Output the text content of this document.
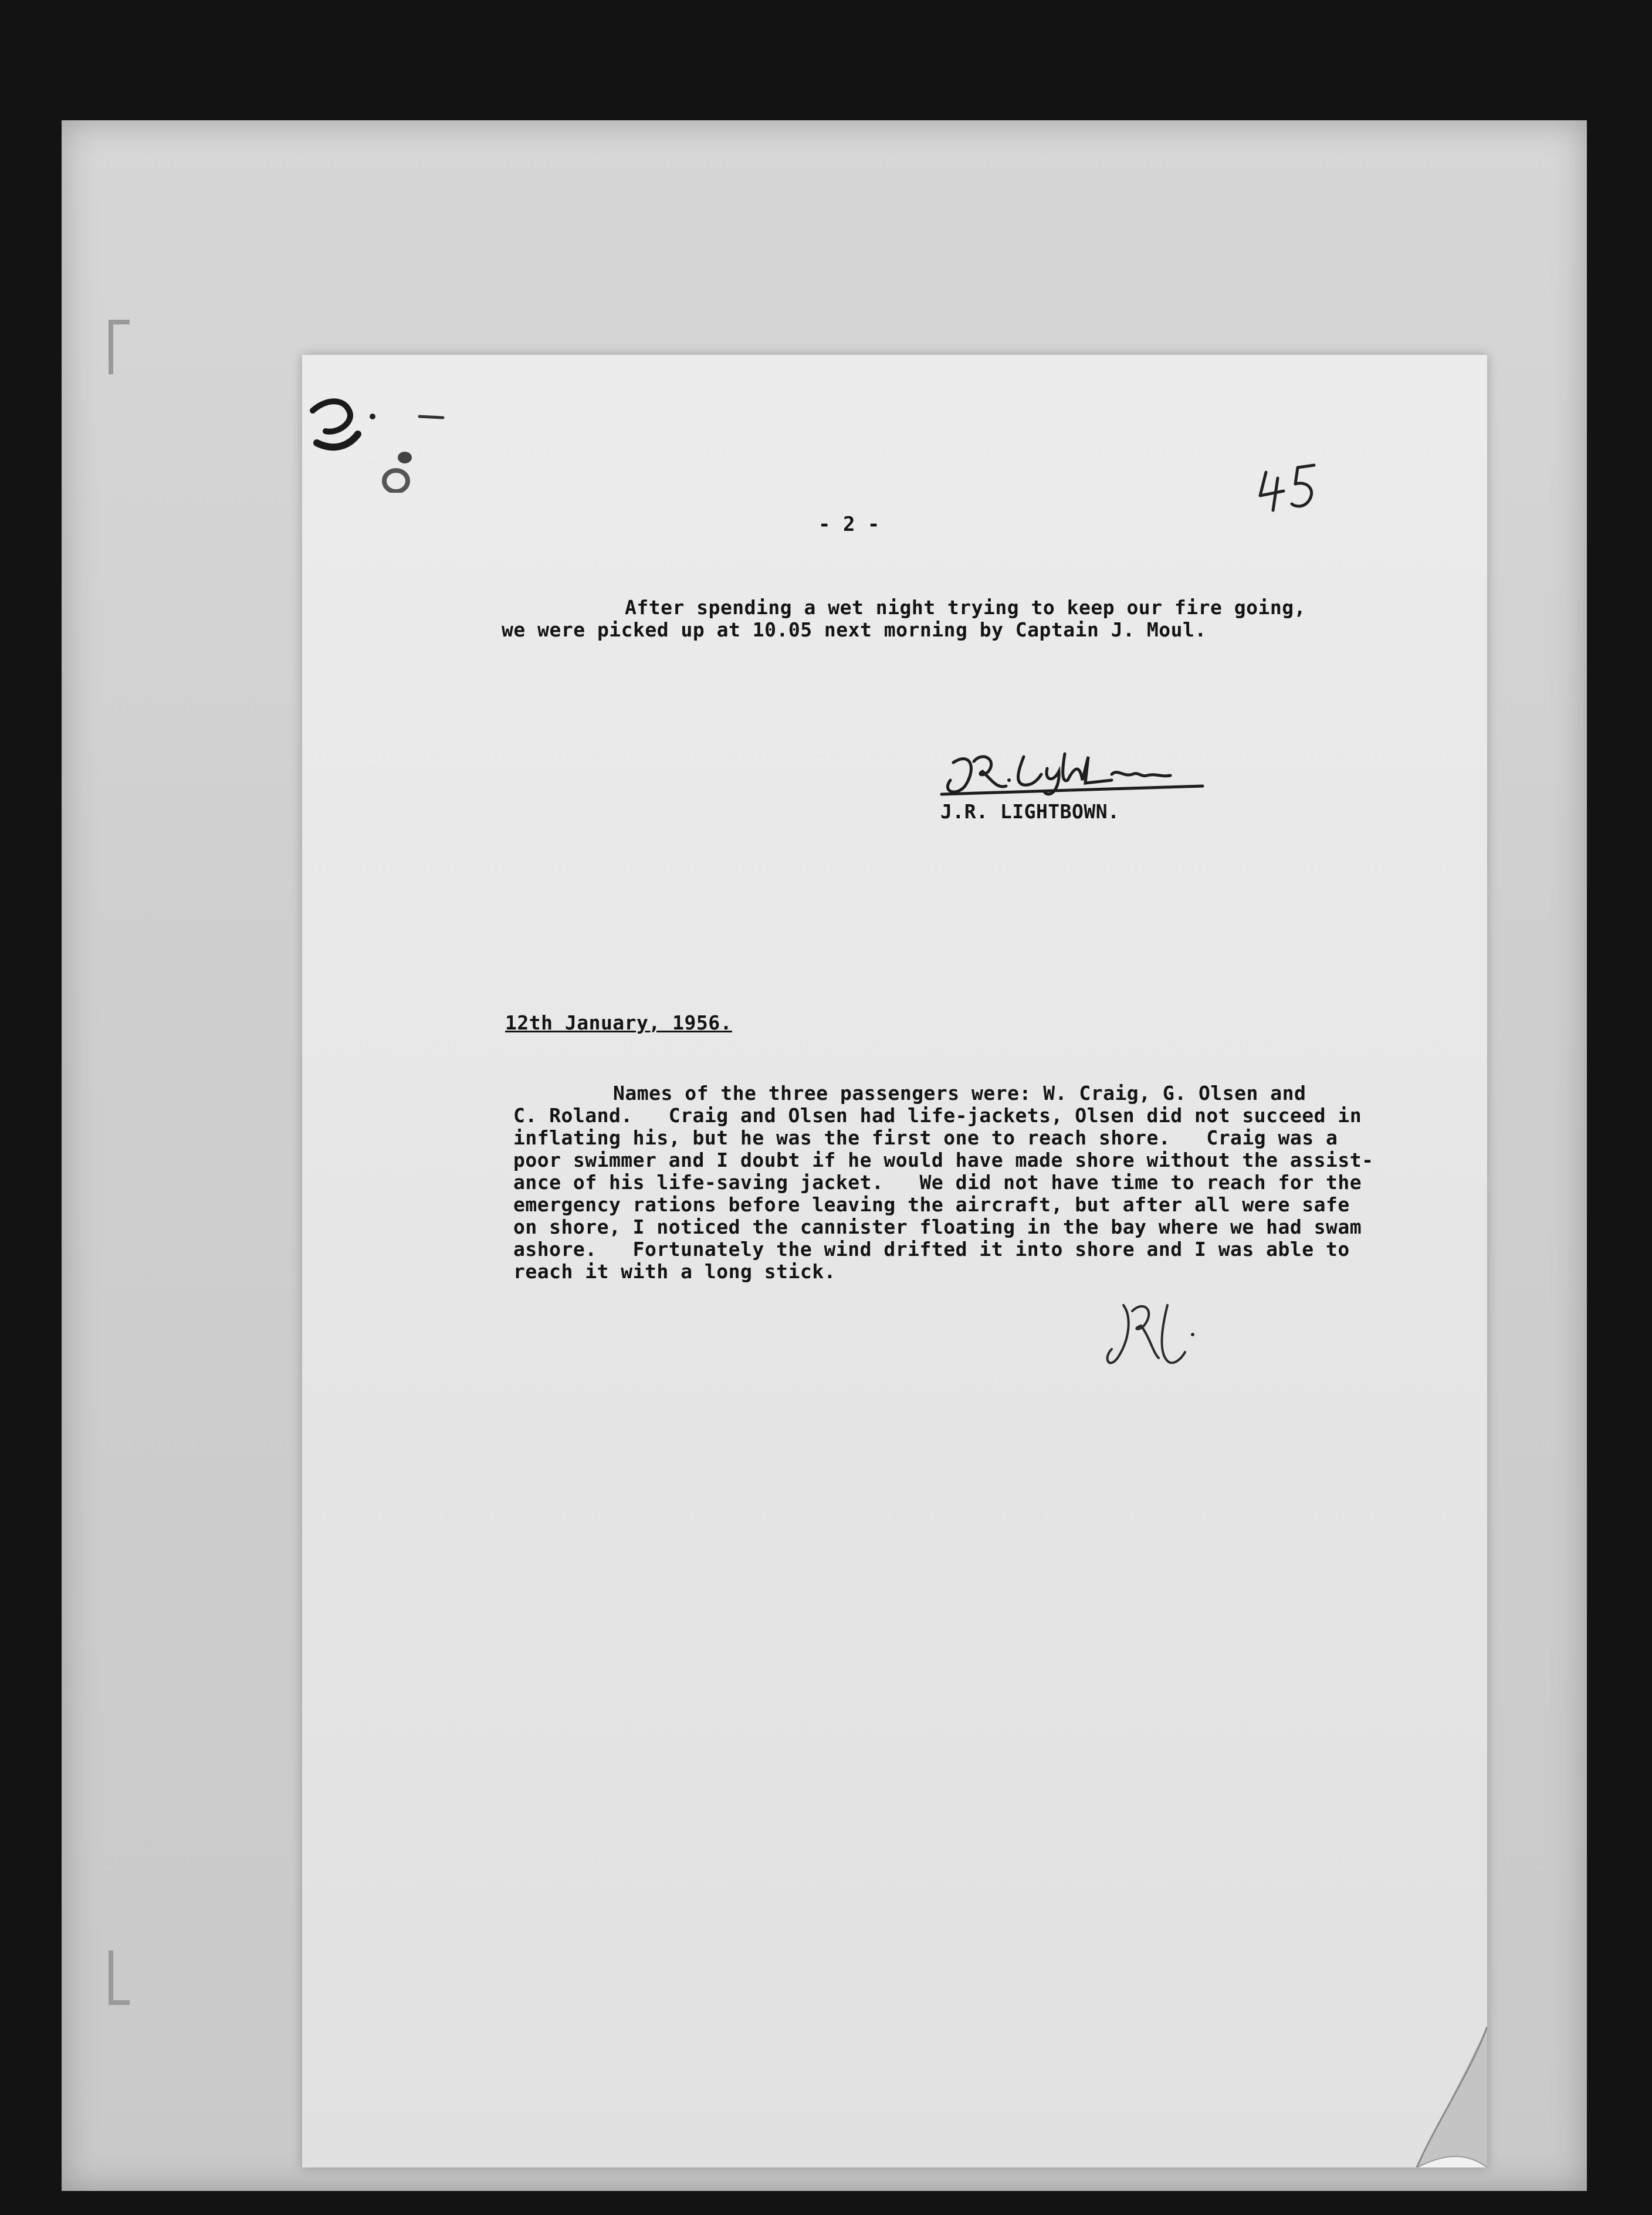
- 2 -
After spending a wet night trying to keep our fire going,
we were picked up at 10.05 next morning by Captain J. Moul.
J.R. LIGHTBOWN.
12th January, 1956.
Names of the three passengers were: W. Craig, G. Olsen and
C. Roland.   Craig and Olsen had life-jackets, Olsen did not succeed in
inflating his, but he was the first one to reach shore.   Craig was a
poor swimmer and I doubt if he would have made shore without the assist-
ance of his life-saving jacket.   We did not have time to reach for the
emergency rations before leaving the aircraft, but after all were safe
on shore, I noticed the cannister floating in the bay where we had swam
ashore.   Fortunately the wind drifted it into shore and I was able to
reach it with a long stick.
